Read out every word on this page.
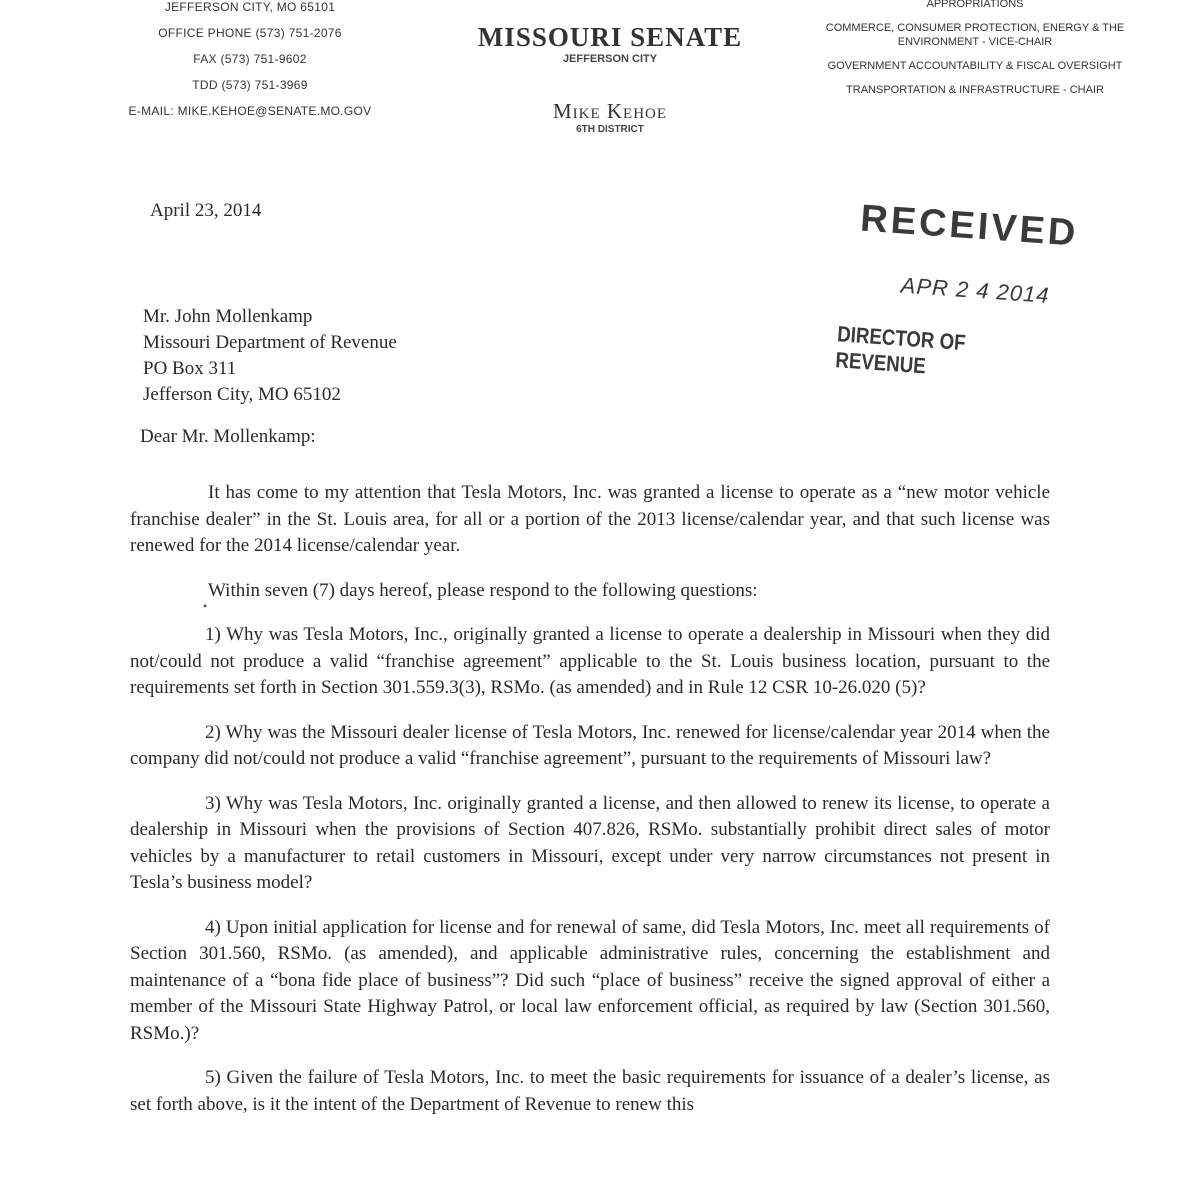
JEFFERSON CITY, MO 65101
OFFICE PHONE (573) 751-2076
FAX (573) 751-9602
TDD (573) 751-3969
E-MAIL: MIKE.KEHOE@SENATE.MO.GOV
MISSOURI SENATE
JEFFERSON CITY
Mike Kehoe
6TH DISTRICT
APPROPRIATIONS
COMMERCE, CONSUMER PROTECTION, ENERGY & THE ENVIRONMENT - VICE-CHAIR
GOVERNMENT ACCOUNTABILITY & FISCAL OVERSIGHT
TRANSPORTATION & INFRASTRUCTURE - CHAIR
April 23, 2014	RECEIVED
APR 2 4 2014
DIRECTOR OF REVENUE
Mr. John Mollenkamp
Missouri Department of Revenue
PO Box 311
Jefferson City, MO 65102
Dear Mr. Mollenkamp:
•

It has come to my attention that Tesla Motors, Inc. was granted a license to operate as a “new motor vehicle franchise dealer” in the St. Louis area, for all or a portion of the 2013 license/calendar year, and that such license was renewed for the 2014 license/calendar year.

Within seven (7) days hereof, please respond to the following questions:

1) Why was Tesla Motors, Inc., originally granted a license to operate a dealership in Missouri when they did not/could not produce a valid “franchise agreement” applicable to the St. Louis business location, pursuant to the requirements set forth in Section 301.559.3(3), RSMo. (as amended) and in Rule 12 CSR 10-26.020 (5)?

2) Why was the Missouri dealer license of Tesla Motors, Inc. renewed for license/calendar year 2014 when the company did not/could not produce a valid “franchise agreement”, pursuant to the requirements of Missouri law?

3) Why was Tesla Motors, Inc. originally granted a license, and then allowed to renew its license, to operate a dealership in Missouri when the provisions of Section 407.826, RSMo. substantially prohibit direct sales of motor vehicles by a manufacturer to retail customers in Missouri, except under very narrow circumstances not present in Tesla’s business model?

4) Upon initial application for license and for renewal of same, did Tesla Motors, Inc. meet all requirements of Section 301.560, RSMo. (as amended), and applicable administrative rules, concerning the establishment and maintenance of a “bona fide place of business”? Did such “place of business” receive the signed approval of either a member of the Missouri State Highway Patrol, or local law enforcement official, as required by law (Section 301.560, RSMo.)?

5) Given the failure of Tesla Motors, Inc. to meet the basic requirements for issuance of a dealer’s license, as set forth above, is it the intent of the Department of Revenue to renew this
